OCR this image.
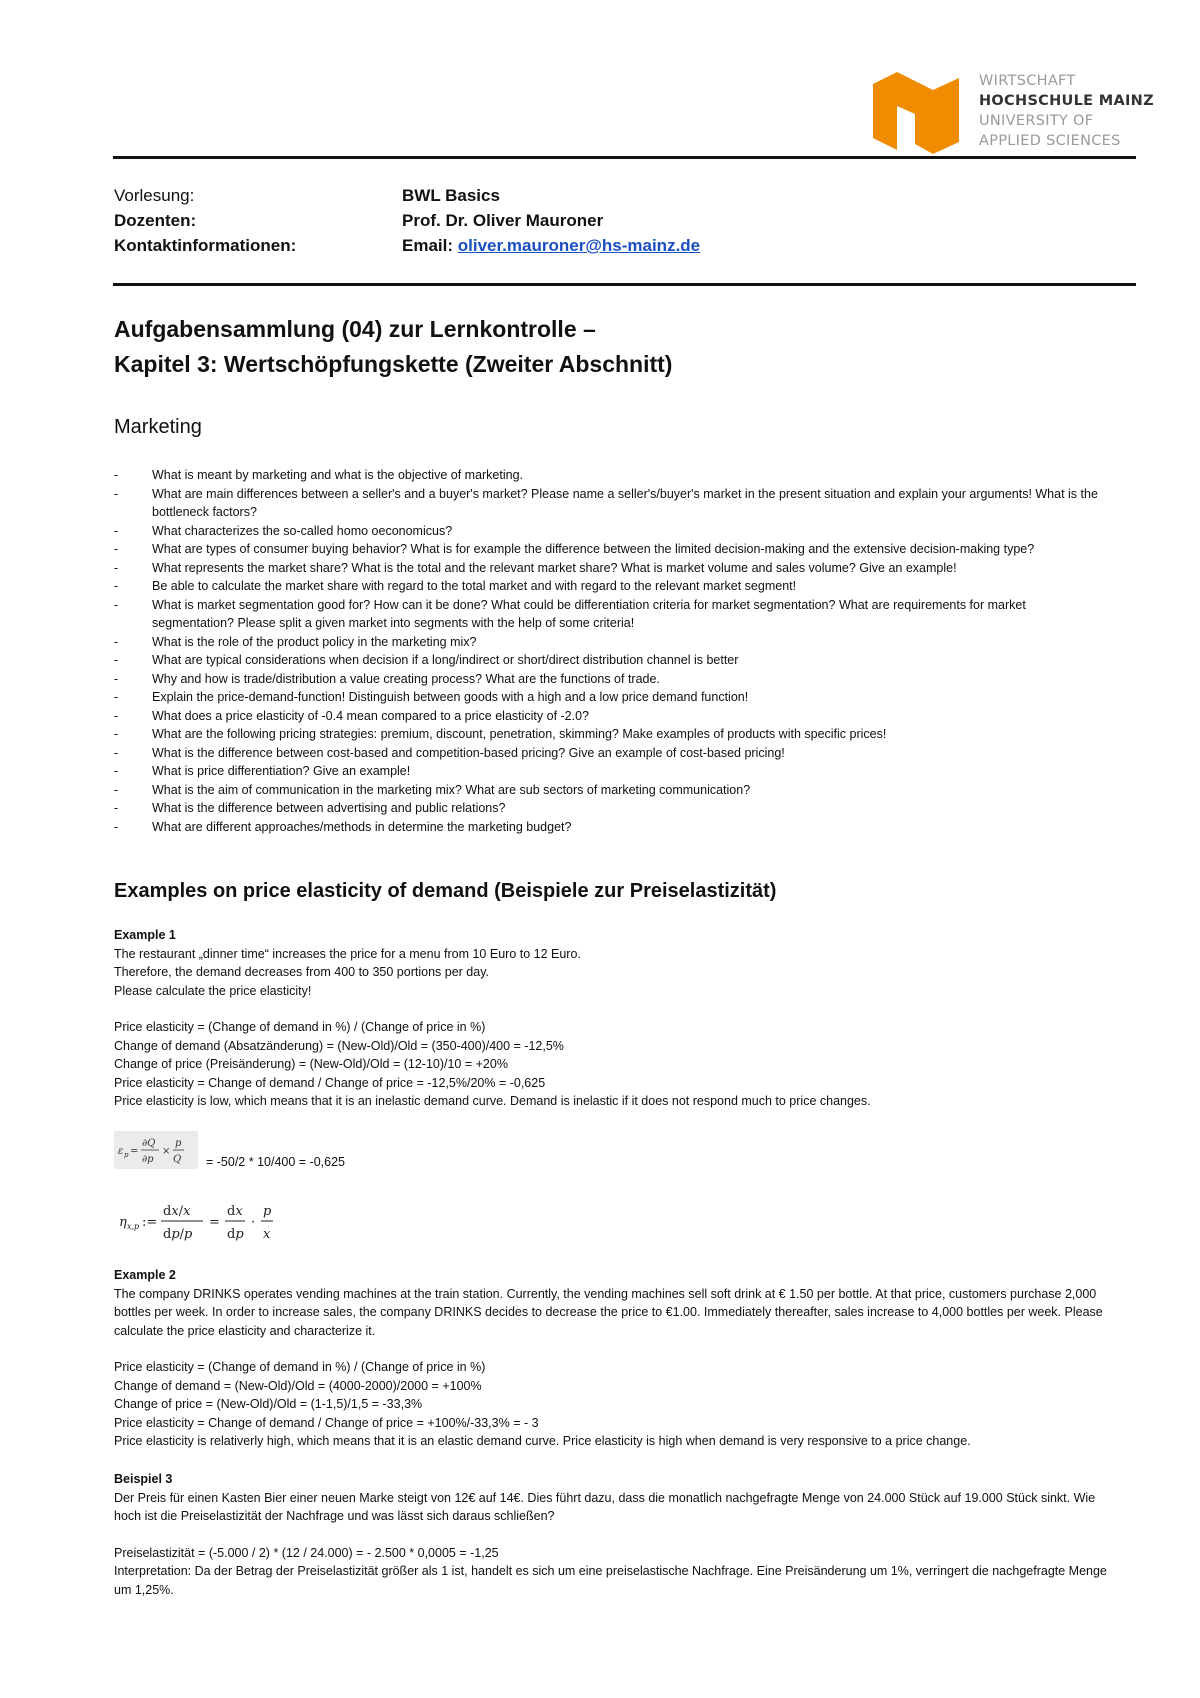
WIRTSCHAFT
HOCHSCHULE MAINZ
UNIVERSITY OF
APPLIED SCIENCES
Vorlesung:	BWL Basics
Dozenten:	Prof. Dr. Oliver Mauroner
Kontaktinformationen:	Email: oliver.mauroner@hs-mainz.de
Aufgabensammlung (04) zur Lernkontrolle –
Kapitel 3: Wertschöpfungskette (Zweiter Abschnitt)
Marketing
- What is meant by marketing and what is the objective of marketing.
- What are main differences between a seller's and a buyer's market? Please name a seller's/buyer's market in the present situation and explain your arguments! What is the bottleneck factors?
- What characterizes the so-called homo oeconomicus?
- What are types of consumer buying behavior? What is for example the difference between the limited decision-making and the extensive decision-making type?
- What represents the market share? What is the total and the relevant market share? What is market volume and sales volume? Give an example!
- Be able to calculate the market share with regard to the total market and with regard to the relevant market segment!
- What is market segmentation good for? How can it be done? What could be differentiation criteria for market segmentation? What are requirements for market segmentation? Please split a given market into segments with the help of some criteria!
- What is the role of the product policy in the marketing mix?
- What are typical considerations when decision if a long/indirect or short/direct distribution channel is better
- Why and how is trade/distribution a value creating process? What are the functions of trade.
- Explain the price-demand-function! Distinguish between goods with a high and a low price demand function!
- What does a price elasticity of -0.4 mean compared to a price elasticity of -2.0?
- What are the following pricing strategies: premium, discount, penetration, skimming? Make examples of products with specific prices!
- What is the difference between cost-based and competition-based pricing? Give an example of cost-based pricing!
- What is price differentiation? Give an example!
- What is the aim of communication in the marketing mix? What are sub sectors of marketing communication?
- What is the difference between advertising and public relations?
- What are different approaches/methods in determine the marketing budget?
Examples on price elasticity of demand (Beispiele zur Preiselastizität)
Example 1
The restaurant „dinner time“ increases the price for a menu from 10 Euro to 12 Euro.
Therefore, the demand decreases from 400 to 350 portions per day.
Please calculate the price elasticity!
Price elasticity = (Change of demand in %) / (Change of price in %)
Change of demand (Absatzänderung) = (New-Old)/Old = (350-400)/400 = -12,5%
Change of price (Preisänderung) = (New-Old)/Old = (12-10)/10 = +20%
Price elasticity = Change of demand / Change of price = -12,5%/20% = -0,625
Price elasticity is low, which means that it is an inelastic demand curve. Demand is inelastic if it does not respond much to price changes.
ε p =
∂Q
∂p
×
p
Q = -50/2 * 10/400 = -0,625
η x,p :=
dx/x
dp/p
=
dx
dp
·
p
x
Example 2
The company DRINKS operates vending machines at the train station. Currently, the vending machines sell soft drink at € 1.50 per bottle. At that price, customers purchase 2,000 bottles per week. In order to increase sales, the company DRINKS decides to decrease the price to €1.00. Immediately thereafter, sales increase to 4,000 bottles per week. Please calculate the price elasticity and characterize it.
Price elasticity = (Change of demand in %) / (Change of price in %)
Change of demand = (New-Old)/Old = (4000-2000)/2000 = +100%
Change of price = (New-Old)/Old = (1-1,5)/1,5 = -33,3%
Price elasticity = Change of demand / Change of price = +100%/-33,3% = - 3
Price elasticity is relativerly high, which means that it is an elastic demand curve. Price elasticity is high when demand is very responsive to a price change.
Beispiel 3
Der Preis für einen Kasten Bier einer neuen Marke steigt von 12€ auf 14€. Dies führt dazu, dass die monatlich nachgefragte Menge von 24.000 Stück auf 19.000 Stück sinkt. Wie hoch ist die Preiselastizität der Nachfrage und was lässt sich daraus schließen?
Preiselastizität = (-5.000 / 2) * (12 / 24.000) = - 2.500 * 0,0005 = -1,25
Interpretation: Da der Betrag der Preiselastizität größer als 1 ist, handelt es sich um eine preiselastische Nachfrage. Eine Preisänderung um 1%, verringert die nachgefragte Menge um 1,25%.
